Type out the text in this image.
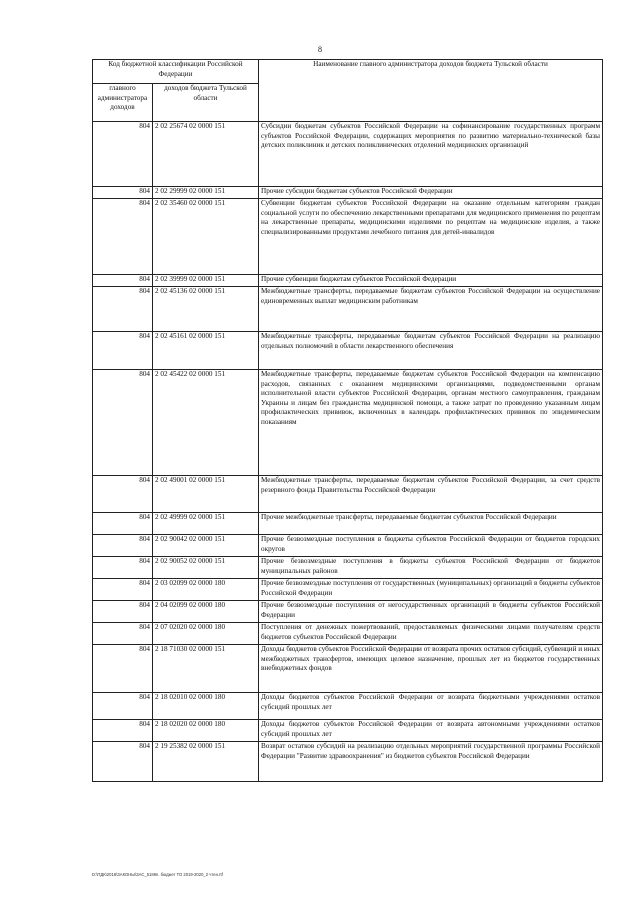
8
Код бюджетной классификации Российской Федерации		Наименование главного администратора доходов бюджета Тульской области
главного администратора доходов	доходов бюджета Тульской области	
804	2 02 25674 02 0000 151	Субсидии бюджетам субъектов Российской Федерации на софинансирование государственных программ субъектов Российской Федерации, содержащих мероприятия по развитию материально-технической базы детских поликлиник и детских поликлинических отделений медицинских организаций
804	2 02 29999 02 0000 151	Прочие субсидии бюджетам субъектов Российской Федерации
804	2 02 35460 02 0000 151	Субвенции бюджетам субъектов Российской Федерации на оказание отдельным категориям граждан социальной услуги по обеспечению лекарственными препаратами для медицинского применения по рецептам на лекарственные препараты, медицинскими изделиями по рецептам на медицинские изделия, а также специализированными продуктами лечебного питания для детей-инвалидов
804	2 02 39999 02 0000 151	Прочие субвенции бюджетам субъектов Российской Федерации
804	2 02 45136 02 0000 151	Межбюджетные трансферты, передаваемые бюджетам субъектов Российской Федерации на осуществление единовременных выплат медицинским работникам
804	2 02 45161 02 0000 151	Межбюджетные трансферты, передаваемые бюджетам субъектов Российской Федерации на реализацию отдельных полномочий в области лекарственного обеспечения
804	2 02 45422 02 0000 151	Межбюджетные трансферты, передаваемые бюджетам субъектов Российской Федерации на компенсацию расходов, связанных с оказанием медицинскими организациями, подведомственными органам исполнительной власти субъектов Российской Федерации, органам местного самоуправления, гражданам Украины и лицам без гражданства медицинской помощи, а также затрат по проведению указанным лицам профилактических прививок, включенных в календарь профилактических прививок по эпидемическим показаниям
804	2 02 49001 02 0000 151	Межбюджетные трансферты, передаваемые бюджетам субъектов Российской Федерации, за счет средств резервного фонда Правительства Российской Федерации
804	2 02 49999 02 0000 151	Прочие межбюджетные трансферты, передаваемые бюджетам субъектов Российской Федерации
804	2 02 90042 02 0000 151	Прочие безвозмездные поступления в бюджеты субъектов Российской Федерации от бюджетов городских округов
804	2 02 90052 02 0000 151	Прочие безвозмездные поступления в бюджеты субъектов Российской Федерации от бюджетов муниципальных районов
804	2 03 02099 02 0000 180	Прочие безвозмездные поступления от государственных (муниципальных) организаций в бюджеты субъектов Российской Федерации
804	2 04 02099 02 0000 180	Прочие безвозмездные поступления от негосударственных организаций в бюджеты субъектов Российской Федерации
804	2 07 02020 02 0000 180	Поступления от денежных пожертвований, предоставляемых физическими лицами получателям средств бюджетов субъектов Российской Федерации
804	2 18 71030 02 0000 151	Доходы бюджетов субъектов Российской Федерации от возврата прочих остатков субсидий, субвенций и иных межбюджетных трансфертов, имеющих целевое назначение, прошлых лет из бюджетов государственных внебюджетных фондов
804	2 18 02010 02 0000 180	Доходы бюджетов субъектов Российской Федерации от возврата бюджетными учреждениями остатков субсидий прошлых лет
804	2 18 02020 02 0000 180	Доходы бюджетов субъектов Российской Федерации от возврата автономными учреждениями остатков субсидий прошлых лет
804	2 19 25382 02 0000 151	Возврат остатков субсидий на реализацию отдельных мероприятий государственной программы Российской Федерации "Развитие здравоохранения" из бюджетов субъектов Российской Федерации
D:\ПДК\2018\ЗАКОНЫ\ЗАС_5189п. бюджет ТО 2019-2020_2 чтен.rtf
